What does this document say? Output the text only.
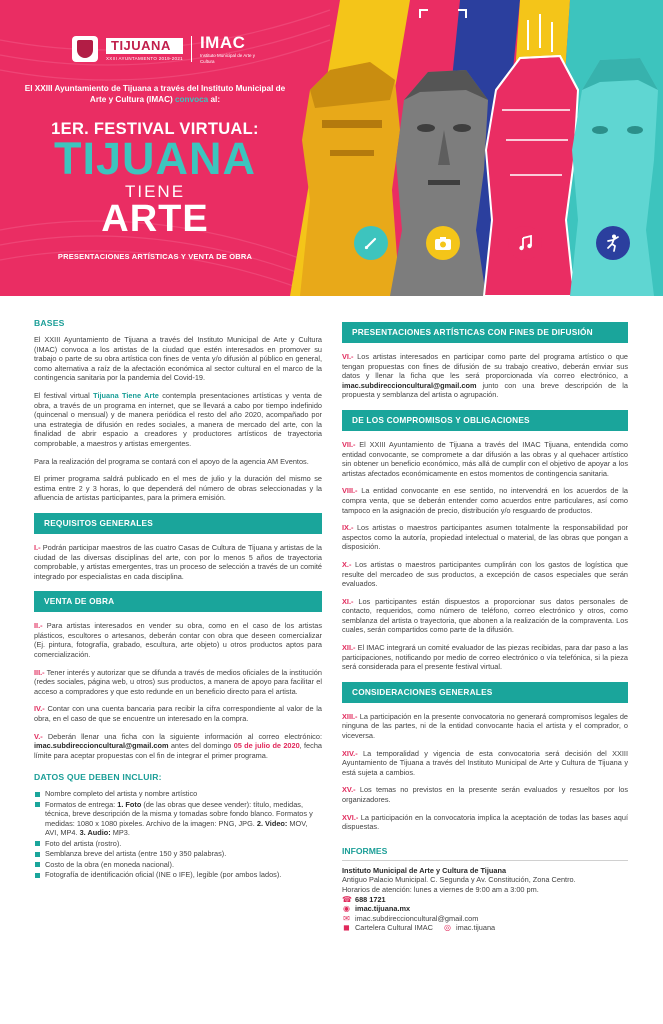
TIJUANA
XXIII AYUNTAMIENTO 2019-2021
IMAC
Instituto Municipal de Arte y Cultura
El XXIII Ayuntamiento de Tijuana a través del Instituto Municipal de Arte y Cultura (IMAC) convoca al:
1ER. FESTIVAL VIRTUAL:
TIJUANA
TIENE
ARTE
PRESENTACIONES ARTÍSTICAS Y VENTA DE OBRA
BASES

El XXIII Ayuntamiento de Tijuana a través del Instituto Municipal de Arte y Cultura (IMAC) convoca a los artistas de la ciudad que estén interesados en promover su trabajo o parte de su obra artística con fines de venta y/o difusión al público en general, como alternativa a raíz de la afectación económica al sector cultural en el marco de la contingencia sanitaria por la pandemia del Covid-19.

El festival virtual Tijuana Tiene Arte contempla presentaciones artísticas y venta de obra, a través de un programa en internet, que se llevará a cabo por tiempo indefinido (quincenal o mensual) y de manera periódica el resto del año 2020, acompañado por una estrategia de difusión en redes sociales, a manera de mercado del arte, con la finalidad de abrir espacio a creadores y productores artísticos de trayectoria comprobable, a maestros y artistas emergentes.

Para la realización del programa se contará con el apoyo de la agencia AM Eventos.

El primer programa saldrá publicado en el mes de julio y la duración del mismo se estima entre 2 y 3 horas, lo que dependerá del número de obras seleccionadas y la afluencia de artistas participantes, para la primera emisión.

REQUISITOS GENERALES

I.- Podrán participar maestros de las cuatro Casas de Cultura de Tijuana y artistas de la ciudad de las diversas disciplinas del arte, con por lo menos 5 años de trayectoria comprobable, y artistas emergentes, tras un proceso de selección a través de un comité integrado por especialistas en cada disciplina.

VENTA DE OBRA

II.- Para artistas interesados en vender su obra, como en el caso de los artistas plásticos, escultores o artesanos, deberán contar con obra que deseen comercializar (Ej. pintura, fotografía, grabado, escultura, arte objeto) u otros productos aptos para comercialización.

III.- Tener interés y autorizar que se difunda a través de medios oficiales de la institución (redes sociales, página web, u otros) sus productos, a manera de apoyo para facilitar el acceso a compradores y que esto redunde en un beneficio directo para el artista.

IV.- Contar con una cuenta bancaria para recibir la cifra correspondiente al valor de la obra, en el caso de que se encuentre un interesado en la compra.

V.- Deberán llenar una ficha con la siguiente información al correo electrónico: imac.subdireccioncultural@gmail.com antes del domingo 05 de julio de 2020, fecha límite para aceptar propuestas con el fin de integrar el primer programa.

DATOS QUE DEBEN INCLUIR:
Nombre completo del artista y nombre artístico
Formatos de entrega: 1. Foto (de las obras que desee vender): título, medidas, técnica, breve descripción de la misma y tomadas sobre fondo blanco. Formatos y medidas: 1080 x 1080 pixeles. Archivo de la imagen: PNG, JPG. 2. Video: MOV, AVI, MP4. 3. Audio: MP3.
Foto del artista (rostro).
Semblanza breve del artista (entre 150 y 350 palabras).
Costo de la obra (en moneda nacional).
Fotografía de identificación oficial (INE o IFE), legible (por ambos lados).
PRESENTACIONES ARTÍSTICAS CON FINES DE DIFUSIÓN

VI.- Los artistas interesados en participar como parte del programa artístico o que tengan propuestas con fines de difusión de su trabajo creativo, deberán enviar sus datos y llenar la ficha que les será proporcionada vía correo electrónico, a imac.subdireccioncultural@gmail.com junto con una breve descripción de la propuesta y semblanza del artista o agrupación.

DE LOS COMPROMISOS Y OBLIGACIONES

VII.- El XXIII Ayuntamiento de Tijuana a través del IMAC Tijuana, entendida como entidad convocante, se compromete a dar difusión a las obras y al quehacer artístico sin obtener un beneficio económico, más allá de cumplir con el objetivo de apoyar a los artistas afectados económicamente en estos momentos de contingencia sanitaria.

VIII.- La entidad convocante en ese sentido, no intervendrá en los acuerdos de la compra venta, que se deberán entender como acuerdos entre particulares, así como tampoco en la asignación de precio, distribución y/o resguardo de productos.

IX.- Los artistas o maestros participantes asumen totalmente la responsabilidad por aspectos como la autoría, propiedad intelectual o material, de las obras que pongan a disposición.

X.- Los artistas o maestros participantes cumplirán con los gastos de logística que resulte del mercadeo de sus productos, a excepción de casos especiales que serán evaluados.

XI.- Los participantes están dispuestos a proporcionar sus datos personales de contacto, requeridos, como número de teléfono, correo electrónico y otros, como semblanza del artista o trayectoria, que abonen a la realización de la compraventa. Los cuales, serán compartidos como parte de la difusión.

XII.- El IMAC integrará un comité evaluador de las piezas recibidas, para dar paso a las participaciones, notificando por medio de correo electrónico o vía telefónica, si la pieza será considerada para el presente festival virtual.

CONSIDERACIONES GENERALES

XIII.- La participación en la presente convocatoria no generará compromisos legales de ninguna de las partes, ni de la entidad convocante hacia el artista y el comprador, o viceversa.

XIV.- La temporalidad y vigencia de esta convocatoria será decisión del XXIII Ayuntamiento de Tijuana a través del Instituto Municipal de Arte y Cultura de Tijuana y está sujeta a cambios.

XV.- Los temas no previstos en la presente serán evaluados y resueltos por los organizadores.

XVI.- La participación en la convocatoria implica la aceptación de todas las bases aquí dispuestas.

INFORMES
Instituto Municipal de Arte y Cultura de Tijuana
Antiguo Palacio Municipal. C. Segunda y Av. Constitución, Zona Centro.
Horarios de atención: lunes a viernes de 9:00 am a 3:00 pm.
☎ 688 1721
◉ imac.tijuana.mx
✉ imac.subdireccioncultural@gmail.com
◼ Cartelera Cultural IMAC ◎ imac.tijuana
